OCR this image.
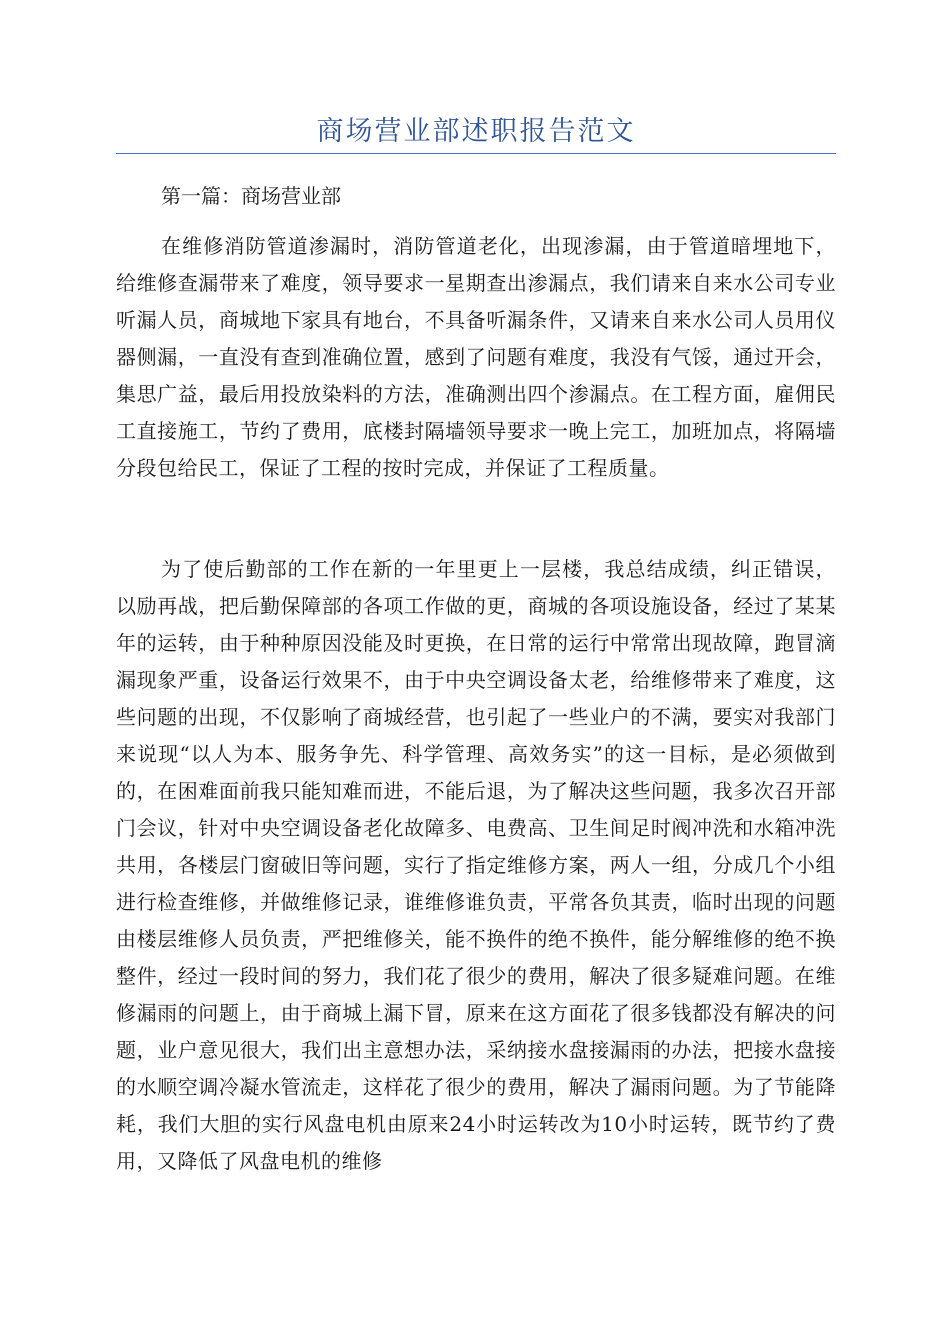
商场营业部述职报告范文

第一篇：商场营业部

在维修消防管道渗漏时，消防管道老化，出现渗漏，由于管道暗埋地下，给维修查漏带来了难度，领导要求一星期查出渗漏点，我们请来自来水公司专业听漏人员，商城地下家具有地台，不具备听漏条件，又请来自来水公司人员用仪器侧漏，一直没有查到准确位置，感到了问题有难度，我没有气馁，通过开会，集思广益，最后用投放染料的方法，准确测出四个渗漏点。在工程方面，雇佣民工直接施工，节约了费用，底楼封隔墙领导要求一晚上完工，加班加点，将隔墙分段包给民工，保证了工程的按时完成，并保证了工程质量。

为了使后勤部的工作在新的一年里更上一层楼，我总结成绩，纠正错误，以励再战，把后勤保障部的各项工作做的更，商城的各项设施设备，经过了某某年的运转，由于种种原因没能及时更换，在日常的运行中常常出现故障，跑冒滴漏现象严重，设备运行效果不，由于中央空调设备太老，给维修带来了难度，这些问题的出现，不仅影响了商城经营，也引起了一些业户的不满，要实对我部门来说现“以人为本、服务争先、科学管理、高效务实”的这一目标，是必须做到的，在困难面前我只能知难而进，不能后退，为了解决这些问题，我多次召开部门会议，针对中央空调设备老化故障多、电费高、卫生间足时阀冲洗和水箱冲洗共用，各楼层门窗破旧等问题，实行了指定维修方案，两人一组，分成几个小组进行检查维修，并做维修记录，谁维修谁负责，平常各负其责，临时出现的问题由楼层维修人员负责，严把维修关，能不换件的绝不换件，能分解维修的绝不换整件，经过一段时间的努力，我们花了很少的费用，解决了很多疑难问题。在维修漏雨的问题上，由于商城上漏下冒，原来在这方面花了很多钱都没有解决的问题，业户意见很大，我们出主意想办法，采纳接水盘接漏雨的办法，把接水盘接的水顺空调冷凝水管流走，这样花了很少的费用，解决了漏雨问题。为了节能降耗，我们大胆的实行风盘电机由原来24小时运转改为10小时运转，既节约了费用，又降低了风盘电机的维修
